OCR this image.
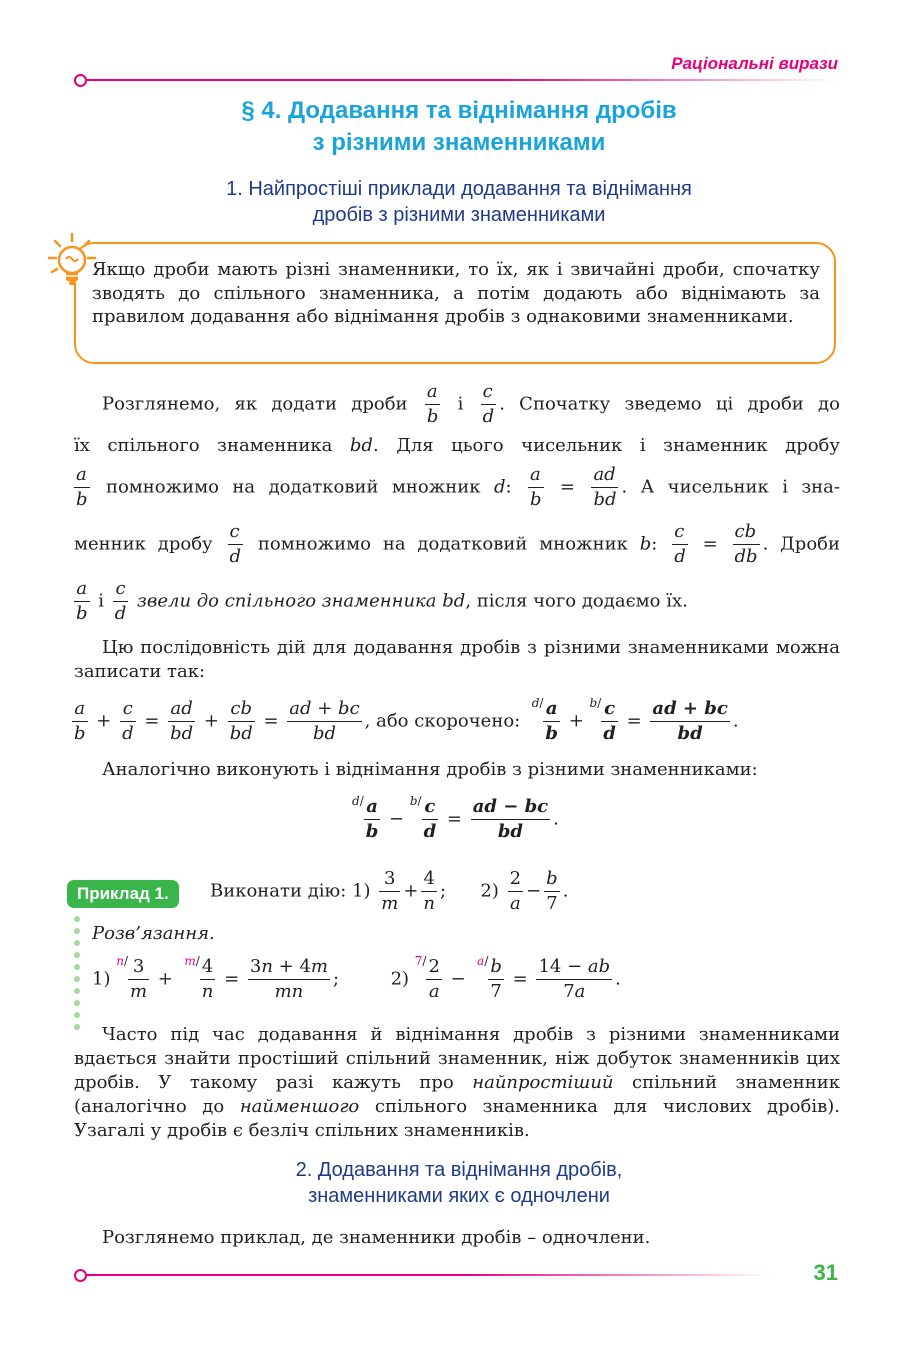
Раціональні вирази
§ 4. Додавання та віднімання дробів
з різними знаменниками
1. Найпростіші приклади додавання та віднімання
дробів з різними знаменниками
Якщо дроби мають різні знаменники, то їх, як і звичайні дроби, спочатку зводять до спільного знаменника, а потім додають або віднімають за правилом додавання або віднімання дробів з однаковими знаменниками.
Розглянемо, як додати дроби $\frac{a}{b}$ і $\frac{c}{d}$ . Спочатку зведемо ці дроби до
їх спільного знаменника bd. Для цього чисельник і знаменник дробу
$\frac{a}{b}$ помножимо на додатковий множник d: $\frac{a}{b} = \frac{ad}{bd}$ . А чисельник і зна-
менник дробу $\frac{c}{d}$ помножимо на додатковий множник b: $\frac{c}{d} = \frac{cb}{db}$ . Дроби
$\frac{a}{b}$ і $\frac{c}{d}$ звели до спільного знаменника bd, після чого додаємо їх.
Цю послідовність дій для додавання дробів з різними знаменниками можна записати так:
$\frac{a}{b} + \frac{c}{d} = \frac{ad}{bd} + \frac{cb}{bd} = \frac{ad + bc}{bd}$ , або скорочено:  $^{d/} \frac{a}{b} + ^{b/} \frac{c}{d} = \frac{ad + bc}{bd}$ .
Аналогічно виконують і віднімання дробів з різними знаменниками:
$^{d/} \frac{a}{b} - ^{b/} \frac{c}{d} = \frac{ad - bc}{bd}$ .
Приклад 1.	Виконати дію: $1) \frac{3}{m} + \frac{4}{n}$ ;      $2) \frac{2}{a} - \frac{b}{7}$ .
Розв’язання.
1) $^{n/} \frac{3}{m} + ^{m/} \frac{4}{n} = \frac{3n + 4m}{mn}$ ;         2) $^{7/} \frac{2}{a} - ^{a/} \frac{b}{7} = \frac{14 - ab}{7a}$ .
Часто під час додавання й віднімання дробів з різними знаменниками вдається знайти простіший спільний знаменник, ніж добуток знаменників цих дробів. У такому разі кажуть про найпростіший спільний знаменник (аналогічно до найменшого спільного знаменника для числових дробів). Узагалі у дробів є безліч спільних знаменників.
2. Додавання та віднімання дробів,
знаменниками яких є одночлени
Розглянемо приклад, де знаменники дробів – одночлени.
31
